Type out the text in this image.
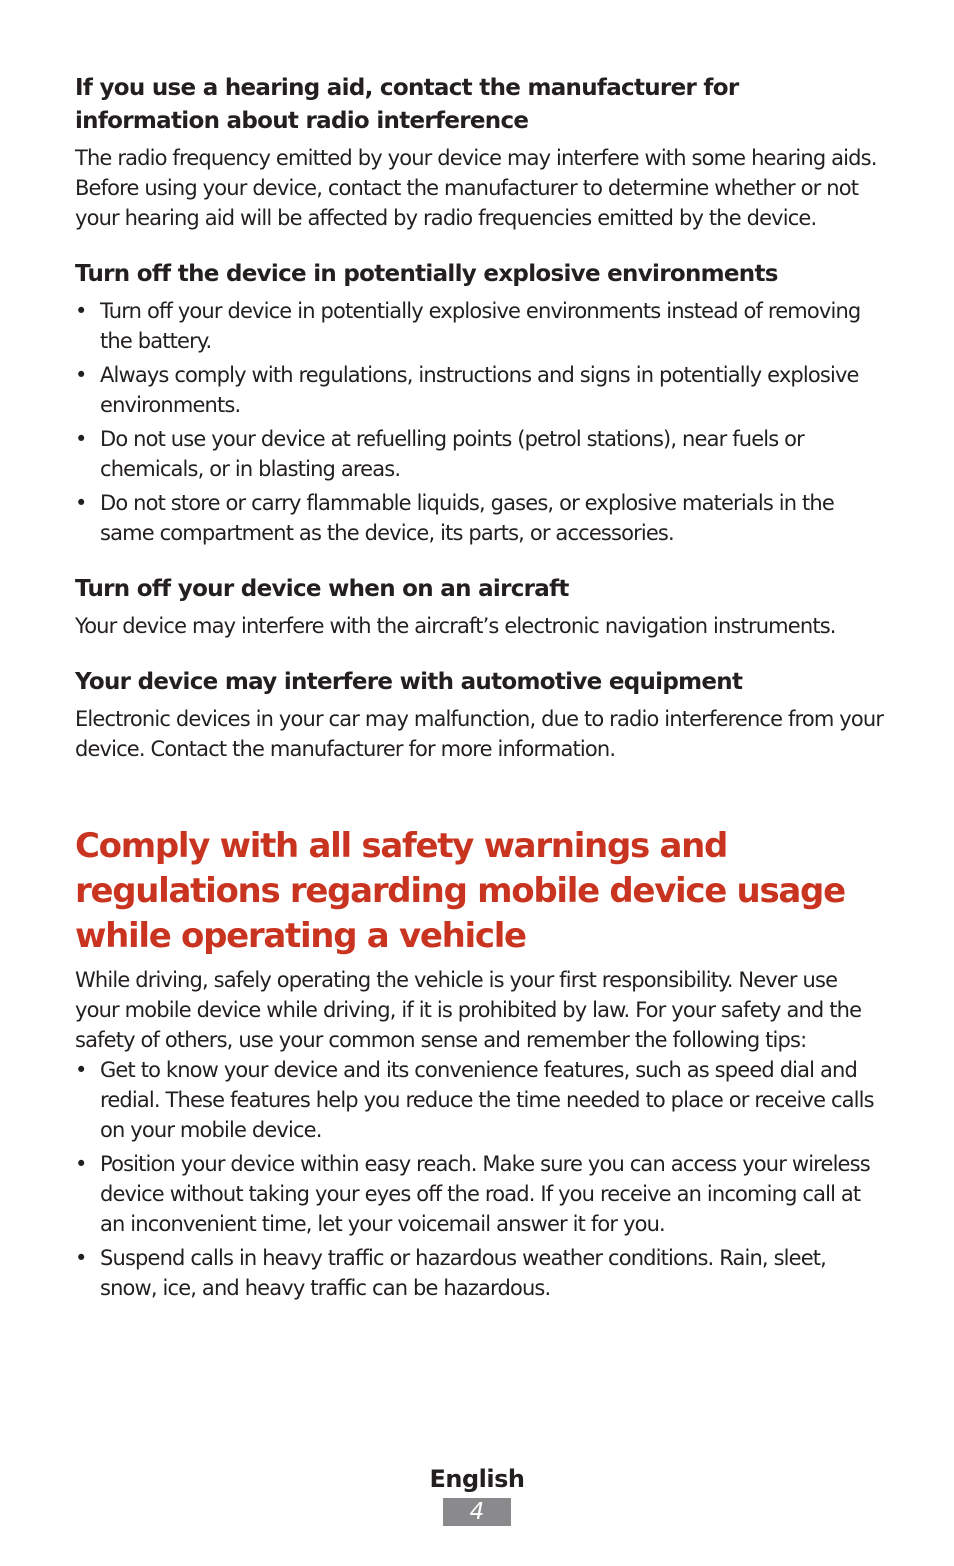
If you use a hearing aid, contact the manufacturer for information about radio interference

The radio frequency emitted by your device may interfere with some hearing aids. Before using your device, contact the manufacturer to determine whether or not your hearing aid will be affected by radio frequencies emitted by the device.

Turn off the device in potentially explosive environments
• Turn off your device in potentially explosive environments instead of removing the battery.
• Always comply with regulations, instructions and signs in potentially explosive environments.
• Do not use your device at refuelling points (petrol stations), near fuels or chemicals, or in blasting areas.
• Do not store or carry flammable liquids, gases, or explosive materials in the same compartment as the device, its parts, or accessories.
Turn off your device when on an aircraft

Your device may interfere with the aircraft’s electronic navigation instruments.

Your device may interfere with automotive equipment

Electronic devices in your car may malfunction, due to radio interference from your device. Contact the manufacturer for more information.

Comply with all safety warnings and regulations regarding mobile device usage while operating a vehicle

While driving, safely operating the vehicle is your first responsibility. Never use your mobile device while driving, if it is prohibited by law. For your safety and the safety of others, use your common sense and remember the following tips:

• Get to know your device and its convenience features, such as speed dial and redial. These features help you reduce the time needed to place or receive calls on your mobile device.
• Position your device within easy reach. Make sure you can access your wireless device without taking your eyes off the road. If you receive an incoming call at an inconvenient time, let your voicemail answer it for you.
• Suspend calls in heavy traffic or hazardous weather conditions. Rain, sleet, snow, ice, and heavy traffic can be hazardous.
English
4
